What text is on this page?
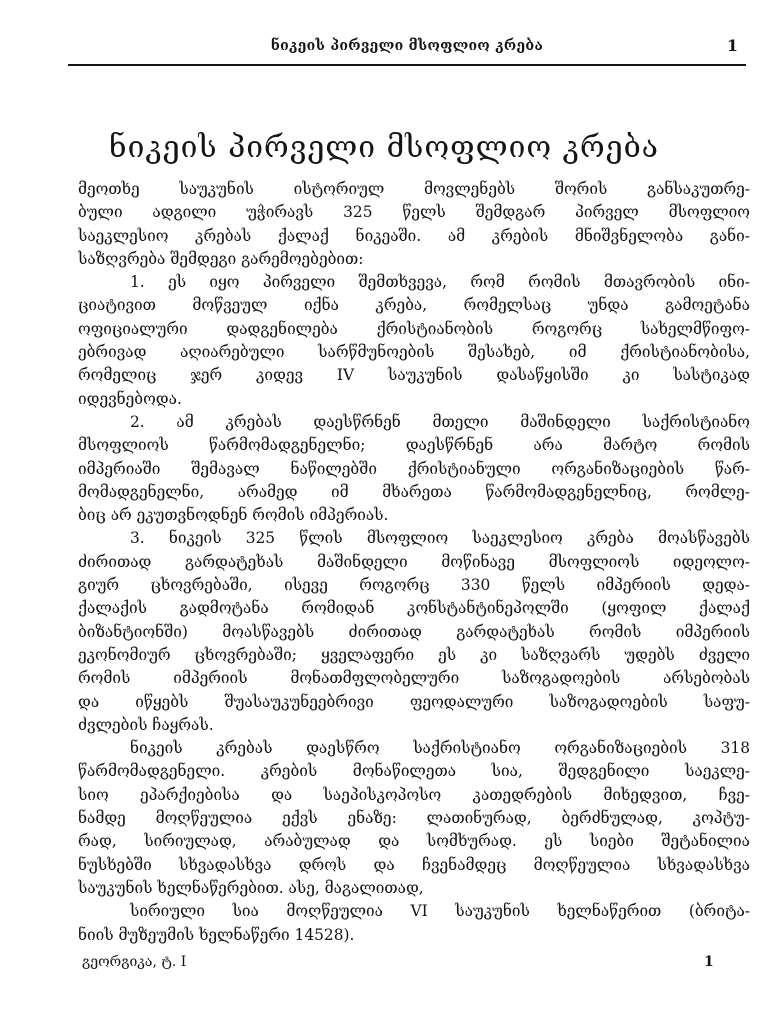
ნიკეის პირველი მსოფლიო კრება	1
ნიკეის პირველი მსოფლიო კრება
მეოთხე საუკუნის ისტორიულ მოვლენებს შორის განსაკუთრე-
ბული ადგილი უჭირავს 325 წელს შემდგარ პირველ მსოფლიო
საეკლესიო კრებას ქალაქ ნიკეაში. ამ კრების მნიშვნელობა განი-
საზღვრება შემდეგი გარემოებებით:
1. ეს იყო პირველი შემთხვევა, რომ რომის მთავრობის ინი-
ციატივით მოწვეულ იქნა კრება, რომელსაც უნდა გამოეტანა
ოფიციალური დადგენილება ქრისტიანობის როგორც სახელმწიფო-
ებრივად აღიარებული სარწმუნოების შესახებ, იმ ქრისტიანობისა,
რომელიც ჯერ კიდევ IV საუკუნის დასაწყისში კი სასტიკად
იდევნებოდა.
2. ამ კრებას დაესწრნენ მთელი მაშინდელი საქრისტიანო
მსოფლიოს წარმომადგენელნი; დაესწრნენ არა მარტო რომის
იმპერიაში შემავალ ნაწილებში ქრისტიანული ორგანიზაციების წარ-
მომადგენელნი, არამედ იმ მხარეთა წარმომადგენელნიც, რომლე-
ბიც არ ეკუთვნოდნენ რომის იმპერიას.
3. ნიკეის 325 წლის მსოფლიო საეკლესიო კრება მოასწავებს
ძირითად გარდატეხას მაშინდელი მოწინავე მსოფლიოს იდეოლო-
გიურ ცხოვრებაში, ისევე როგორც 330 წელს იმპერიის დედა-
ქალაქის გადმოტანა რომიდან კონსტანტინეპოლში (ყოფილ ქალაქ
ბიზანტიონში) მოასწავებს ძირითად გარდატეხას რომის იმპერიის
ეკონომიურ ცხოვრებაში; ყველაფერი ეს კი საზღვარს უდებს ძველი
რომის იმპერიის მონათმფლობელური საზოგადოების არსებობას
და იწყებს შუასაუკუნეებრივი ფეოდალური საზოგადოების საფუ-
ძვლების ჩაყრას.
ნიკეის კრებას დაესწრო საქრისტიანო ორგანიზაციების 318
წარმომადგენელი. კრების მონაწილეთა სია, შედგენილი საეკლე-
სიო ეპარქიებისა და საეპისკოპოსო კათედრების მიხედვით, ჩვე-
ნამდე მოღწეულია ექვს ენაზე: ლათინურად, ბერძნულად, კოპტუ-
რად, სირიულად, არაბულად და სომხურად. ეს სიები შეტანილია
ნუსხებში სხვადასხვა დროს და ჩვენამდეც მოღწეულია სხვადასხვა
საუკუნის ხელნაწერებით. ასე, მაგალითად,
სირიული სია მოღწეულია VI საუკუნის ხელნაწერით (ბრიტა-
ნიის მუზეუმის ხელნაწერი 14528).
გეორგიკა, ტ. I	1
